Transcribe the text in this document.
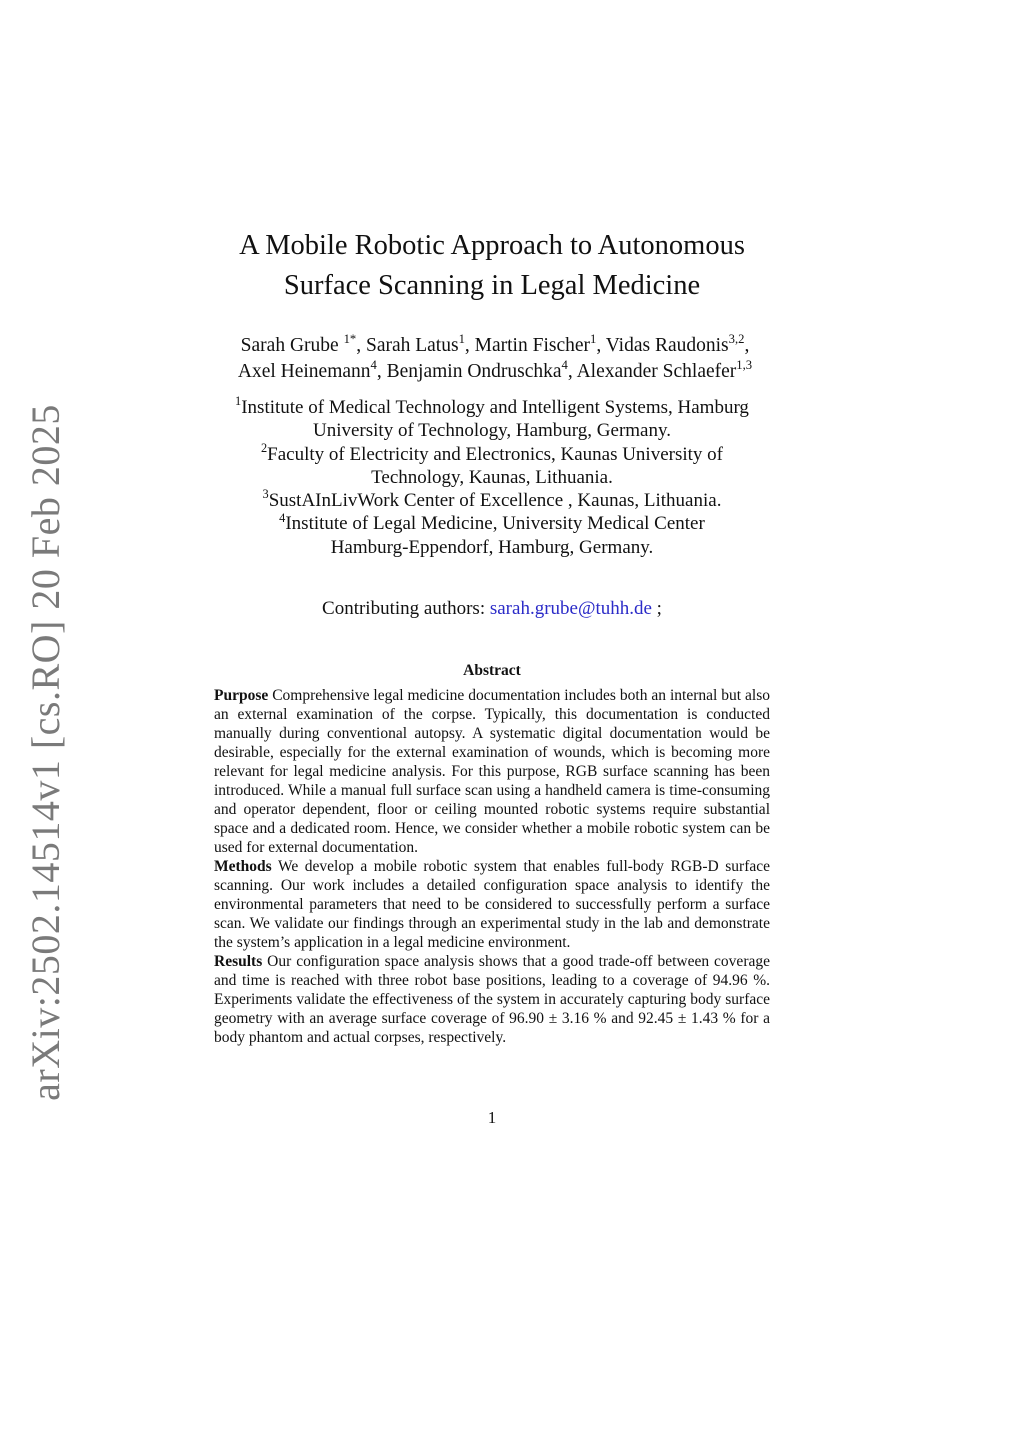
arXiv:2502.14514v1 [cs.RO] 20 Feb 2025
A Mobile Robotic Approach to Autonomous
Surface Scanning in Legal Medicine
Sarah Grube $^{1*}$, Sarah Latus$^1$, Martin Fischer$^1$, Vidas Raudonis$^{3,2}$,
Axel Heinemann$^4$, Benjamin Ondruschka$^4$, Alexander Schlaefer$^{1,3}$
$^1$Institute of Medical Technology and Intelligent Systems, Hamburg
University of Technology, Hamburg, Germany.
$^2$Faculty of Electricity and Electronics, Kaunas University of
Technology, Kaunas, Lithuania.
$^3$SustAInLivWork Center of Excellence , Kaunas, Lithuania.
$^4$Institute of Legal Medicine, University Medical Center
Hamburg-Eppendorf, Hamburg, Germany.
Contributing authors: sarah.grube@tuhh.de ;
Abstract

Purpose Comprehensive legal medicine documentation includes both an internal but also an external examination of the corpse. Typically, this documentation is conducted manually during conventional autopsy. A systematic digital documentation would be desirable, especially for the external examination of wounds, which is becoming more relevant for legal medicine analysis. For this purpose, RGB surface scanning has been introduced. While a manual full surface scan using a handheld camera is time-consuming and operator dependent, floor or ceiling mounted robotic systems require substantial space and a dedicated room. Hence, we consider whether a mobile robotic system can be used for external documentation.

Methods We develop a mobile robotic system that enables full-body RGB-D surface scanning. Our work includes a detailed configuration space analysis to identify the environmental parameters that need to be considered to successfully perform a surface scan. We validate our findings through an experimental study in the lab and demonstrate the system’s application in a legal medicine environment.

Results Our configuration space analysis shows that a good trade-off between coverage and time is reached with three robot base positions, leading to a coverage of 94.96 %. Experiments validate the effectiveness of the system in accurately capturing body surface geometry with an average surface coverage of 96.90 ± 3.16 % and 92.45 ± 1.43 % for a body phantom and actual corpses, respectively.

1
